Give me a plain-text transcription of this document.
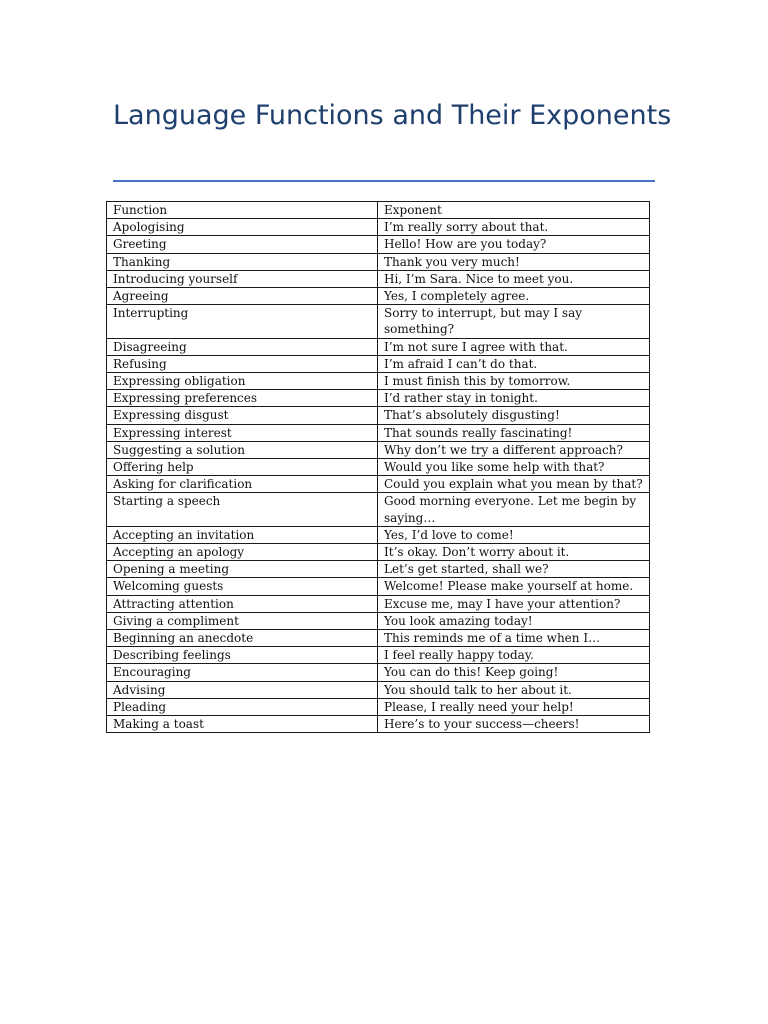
Language Functions and Their Exponents
Function	Exponent
Apologising	I’m really sorry about that.
Greeting	Hello! How are you today?
Thanking	Thank you very much!
Introducing yourself	Hi, I’m Sara. Nice to meet you.
Agreeing	Yes, I completely agree.
Interrupting	Sorry to interrupt, but may I say something?
Disagreeing	I’m not sure I agree with that.
Refusing	I’m afraid I can’t do that.
Expressing obligation	I must finish this by tomorrow.
Expressing preferences	I’d rather stay in tonight.
Expressing disgust	That’s absolutely disgusting!
Expressing interest	That sounds really fascinating!
Suggesting a solution	Why don’t we try a different approach?
Offering help	Would you like some help with that?
Asking for clarification	Could you explain what you mean by that?
Starting a speech	Good morning everyone. Let me begin by saying…
Accepting an invitation	Yes, I’d love to come!
Accepting an apology	It’s okay. Don’t worry about it.
Opening a meeting	Let’s get started, shall we?
Welcoming guests	Welcome! Please make yourself at home.
Attracting attention	Excuse me, may I have your attention?
Giving a compliment	You look amazing today!
Beginning an anecdote	This reminds me of a time when I…
Describing feelings	I feel really happy today.
Encouraging	You can do this! Keep going!
Advising	You should talk to her about it.
Pleading	Please, I really need your help!
Making a toast	Here’s to your success—cheers!
